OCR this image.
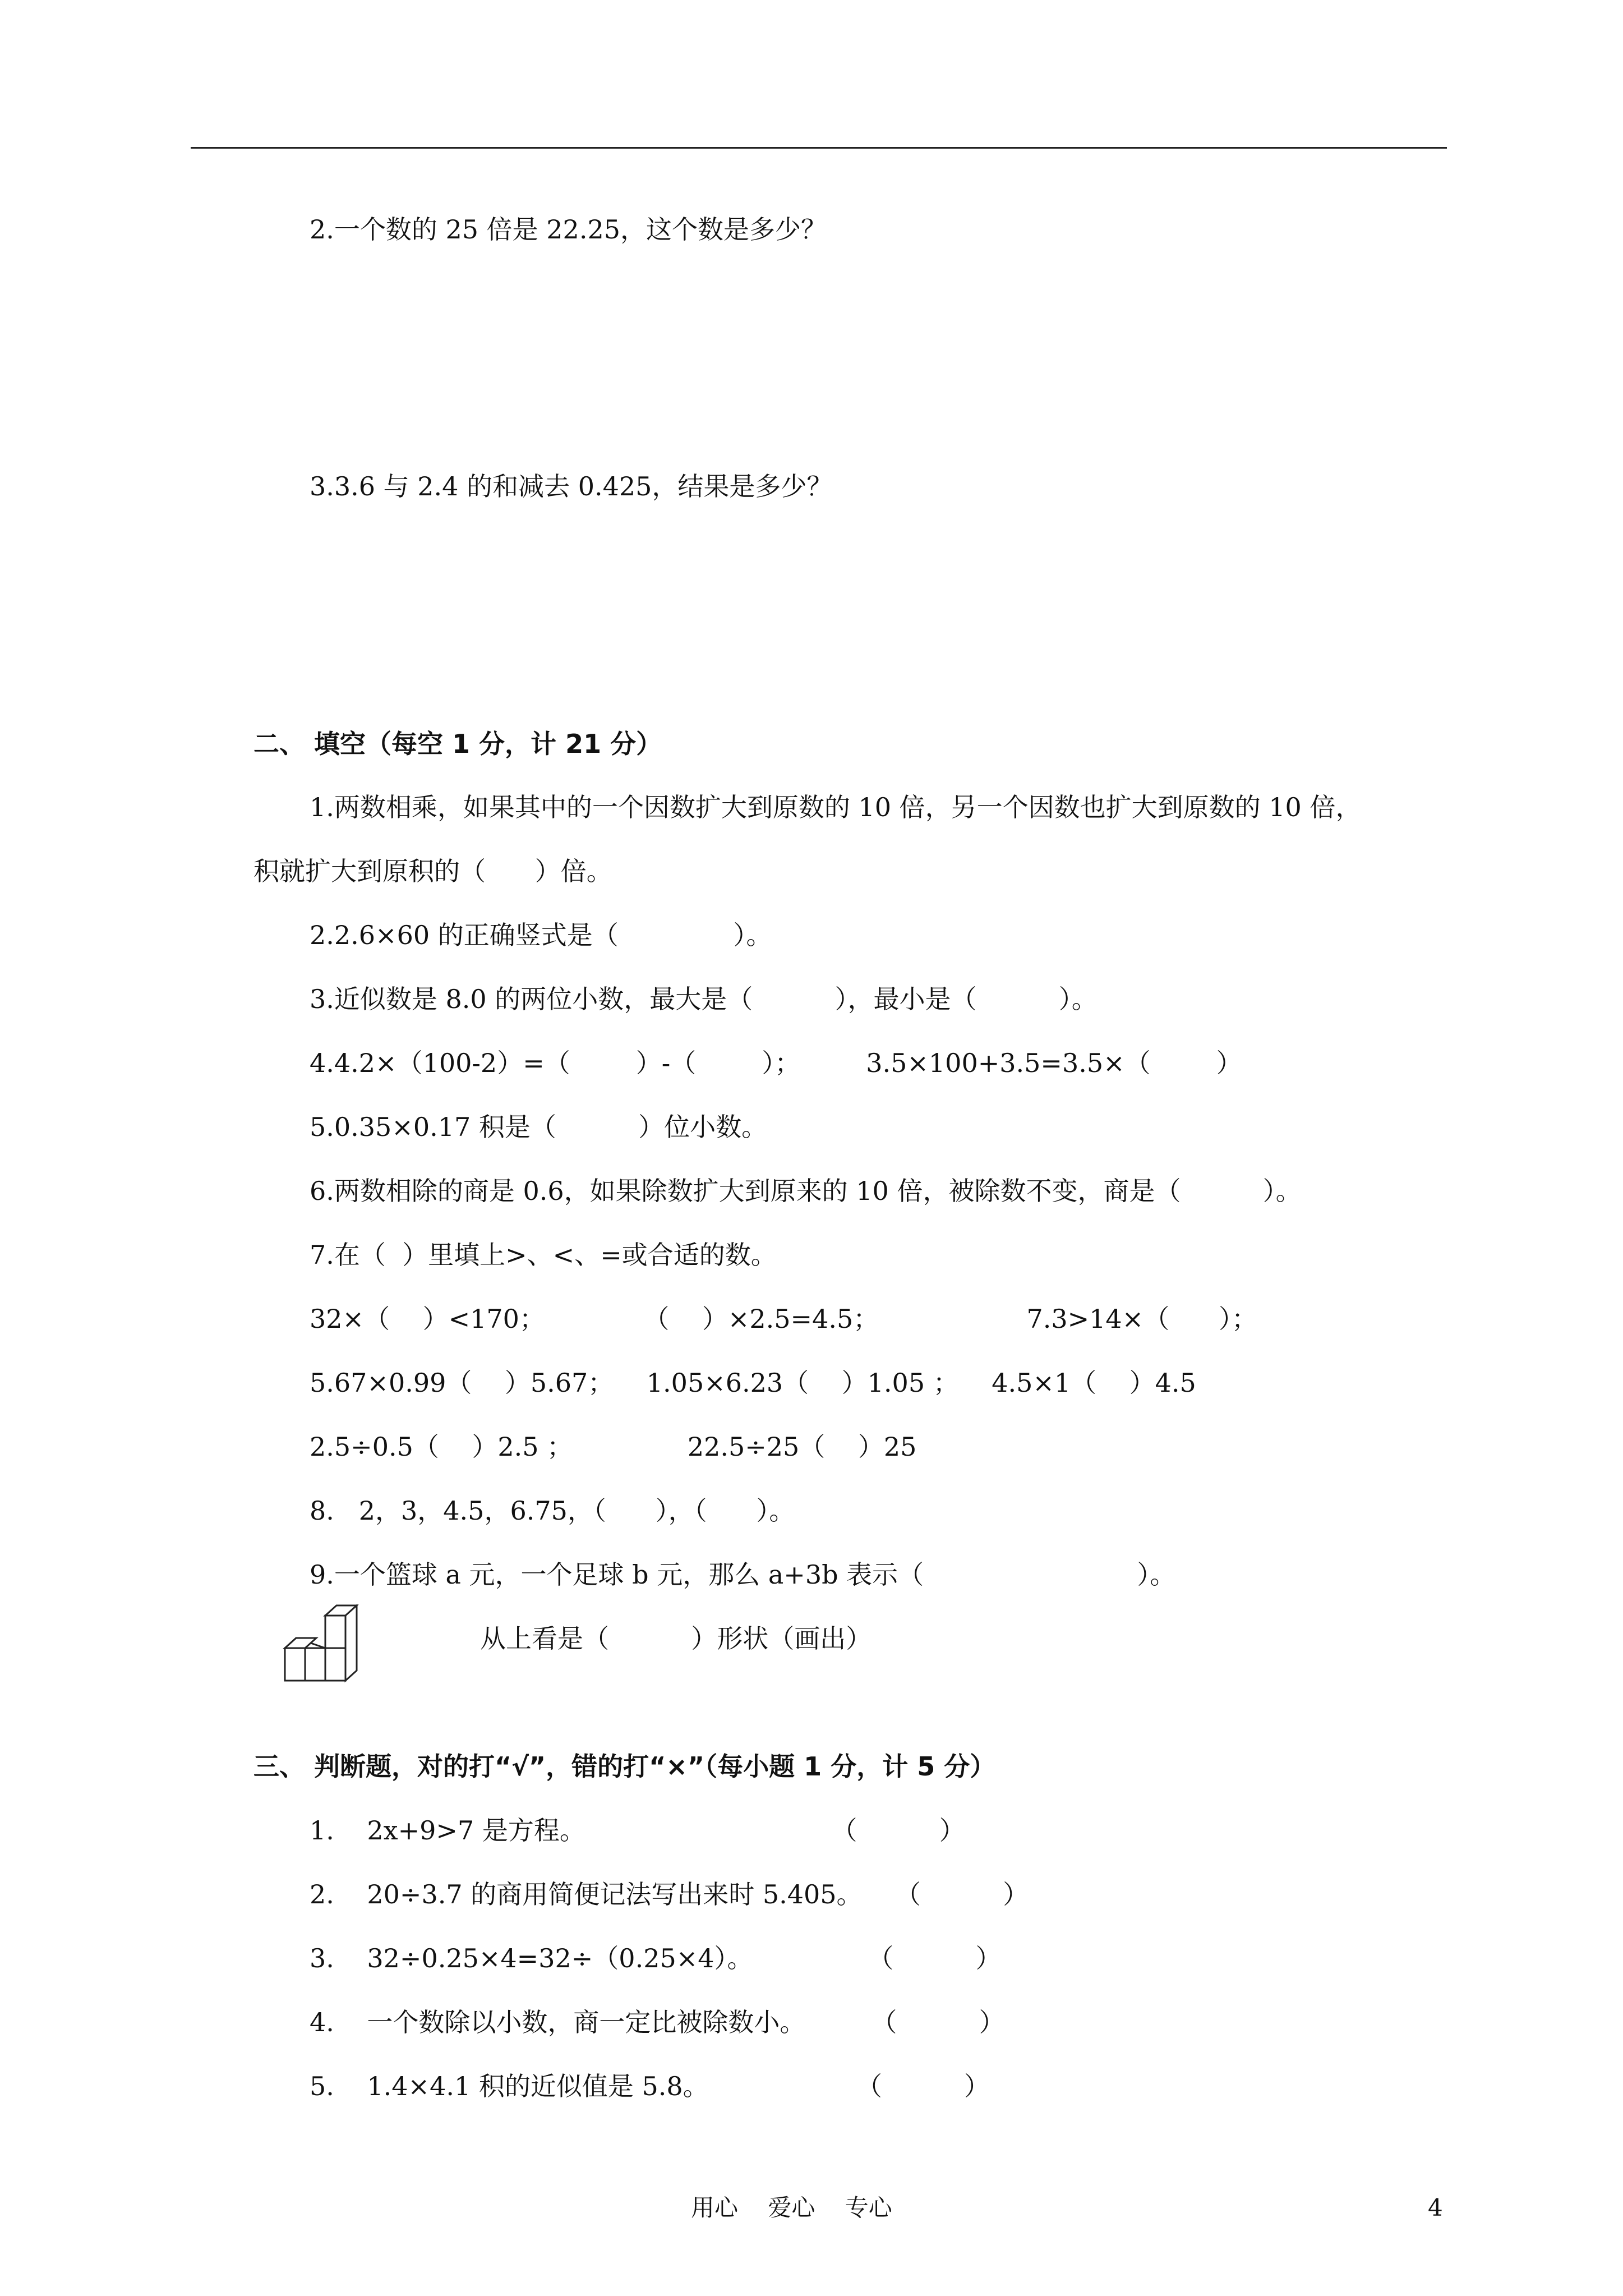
2.一个数的 25 倍是 22.25，这个数是多少？
3.3.6 与 2.4 的和减去 0.425，结果是多少？
二、 填空（每空 1 分，计 21 分）
1.两数相乘，如果其中的一个因数扩大到原数的 10 倍，另一个因数也扩大到原数的 10 倍，
积就扩大到原积的（      ）倍。
2.2.6×60 的正确竖式是（              ）。
3.近似数是 8.0 的两位小数，最大是（          ），最小是（          ）。
4.4.2×（100-2）=（        ）-（        ）；        3.5×100+3.5=3.5×（        ）
5.0.35×0.17 积是（          ）位小数。
6.两数相除的商是 0.6，如果除数扩大到原来的 10 倍，被除数不变，商是（          ）。
7.在（  ）里填上>、<、=或合适的数。
32×（    ）<170；            （    ）×2.5=4.5；                  7.3>14×（      ）；
5.67×0.99（    ）5.67；    1.05×6.23（    ）1.05 ；    4.5×1（    ）4.5
2.5÷0.5（    ）2.5 ；              22.5÷25（    ）25
8.   2，3，4.5，6.75，（      ），（      ）。
9.一个篮球 a 元，一个足球 b 元，那么 a+3b 表示（                          ）。
从上看是（          ）形状（画出）
三、 判断题，对的打“√”，错的打“×”（每小题 1 分，计 5 分）
1.    2x+9>7 是方程。                              （          ）
2.    20÷3.7 的商用简便记法写出来时 5.405。    （          ）
3.    32÷0.25×4=32÷（0.25×4）。              （          ）
4.    一个数除以小数，商一定比被除数小。        （          ）
5.    1.4×4.1 积的近似值是 5.8。                  （          ）
用心    爱心    专心	4
